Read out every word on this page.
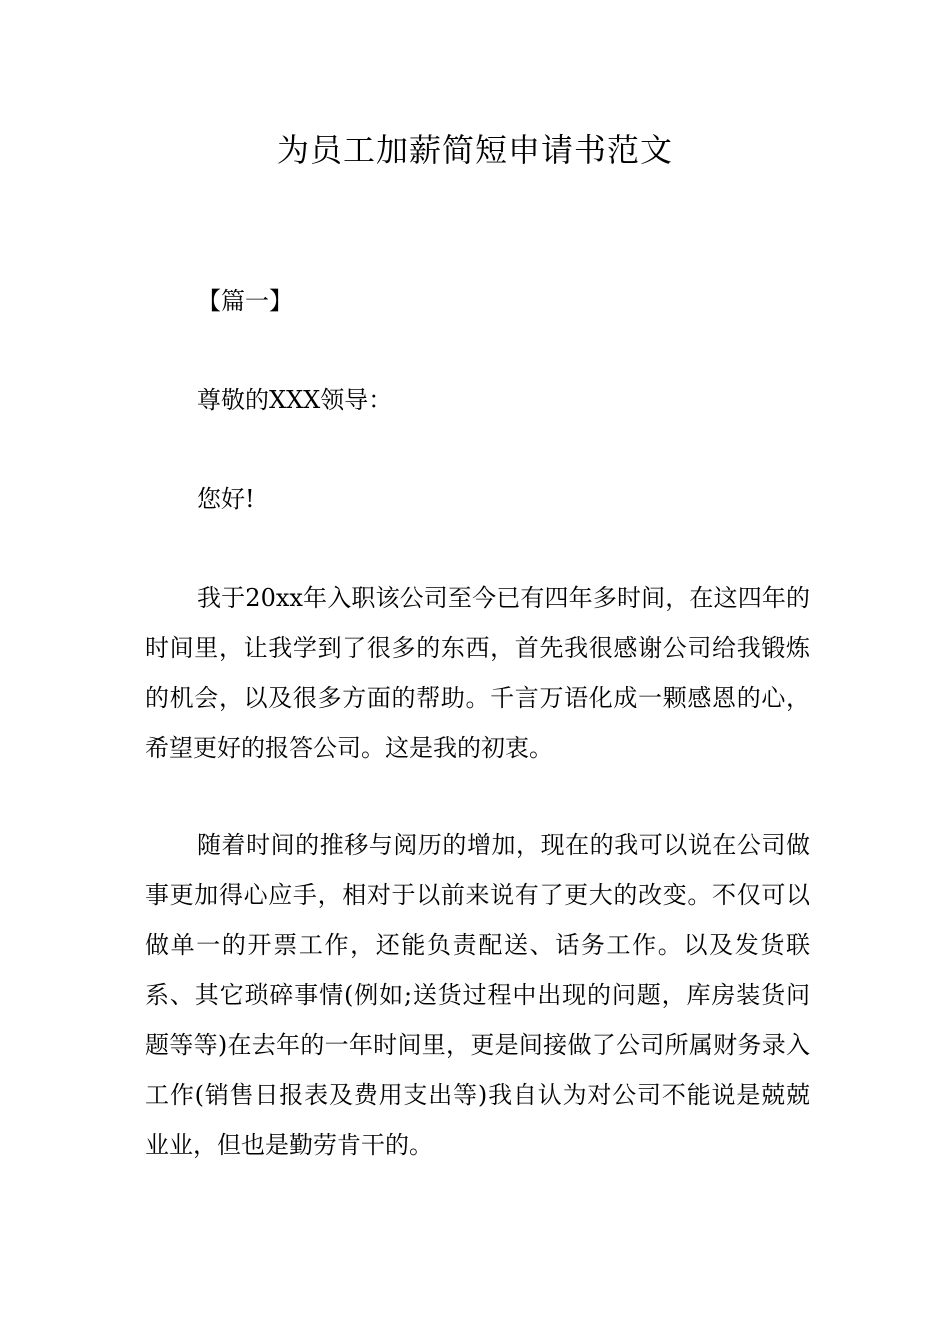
为员工加薪简短申请书范文

【篇一】

尊敬的XXX领导：

您好!

我于20xx年入职该公司至今已有四年多时间，在这四年的时间里，让我学到了很多的东西，首先我很感谢公司给我锻炼的机会，以及很多方面的帮助。千言万语化成一颗感恩的心，希望更好的报答公司。这是我的初衷。

随着时间的推移与阅历的增加，现在的我可以说在公司做事更加得心应手，相对于以前来说有了更大的改变。不仅可以做单一的开票工作，还能负责配送、话务工作。以及发货联系、其它琐碎事情(例如;送货过程中出现的问题，库房装货问题等等)在去年的一年时间里，更是间接做了公司所属财务录入工作(销售日报表及费用支出等)我自认为对公司不能说是兢兢业业，但也是勤劳肯干的。
